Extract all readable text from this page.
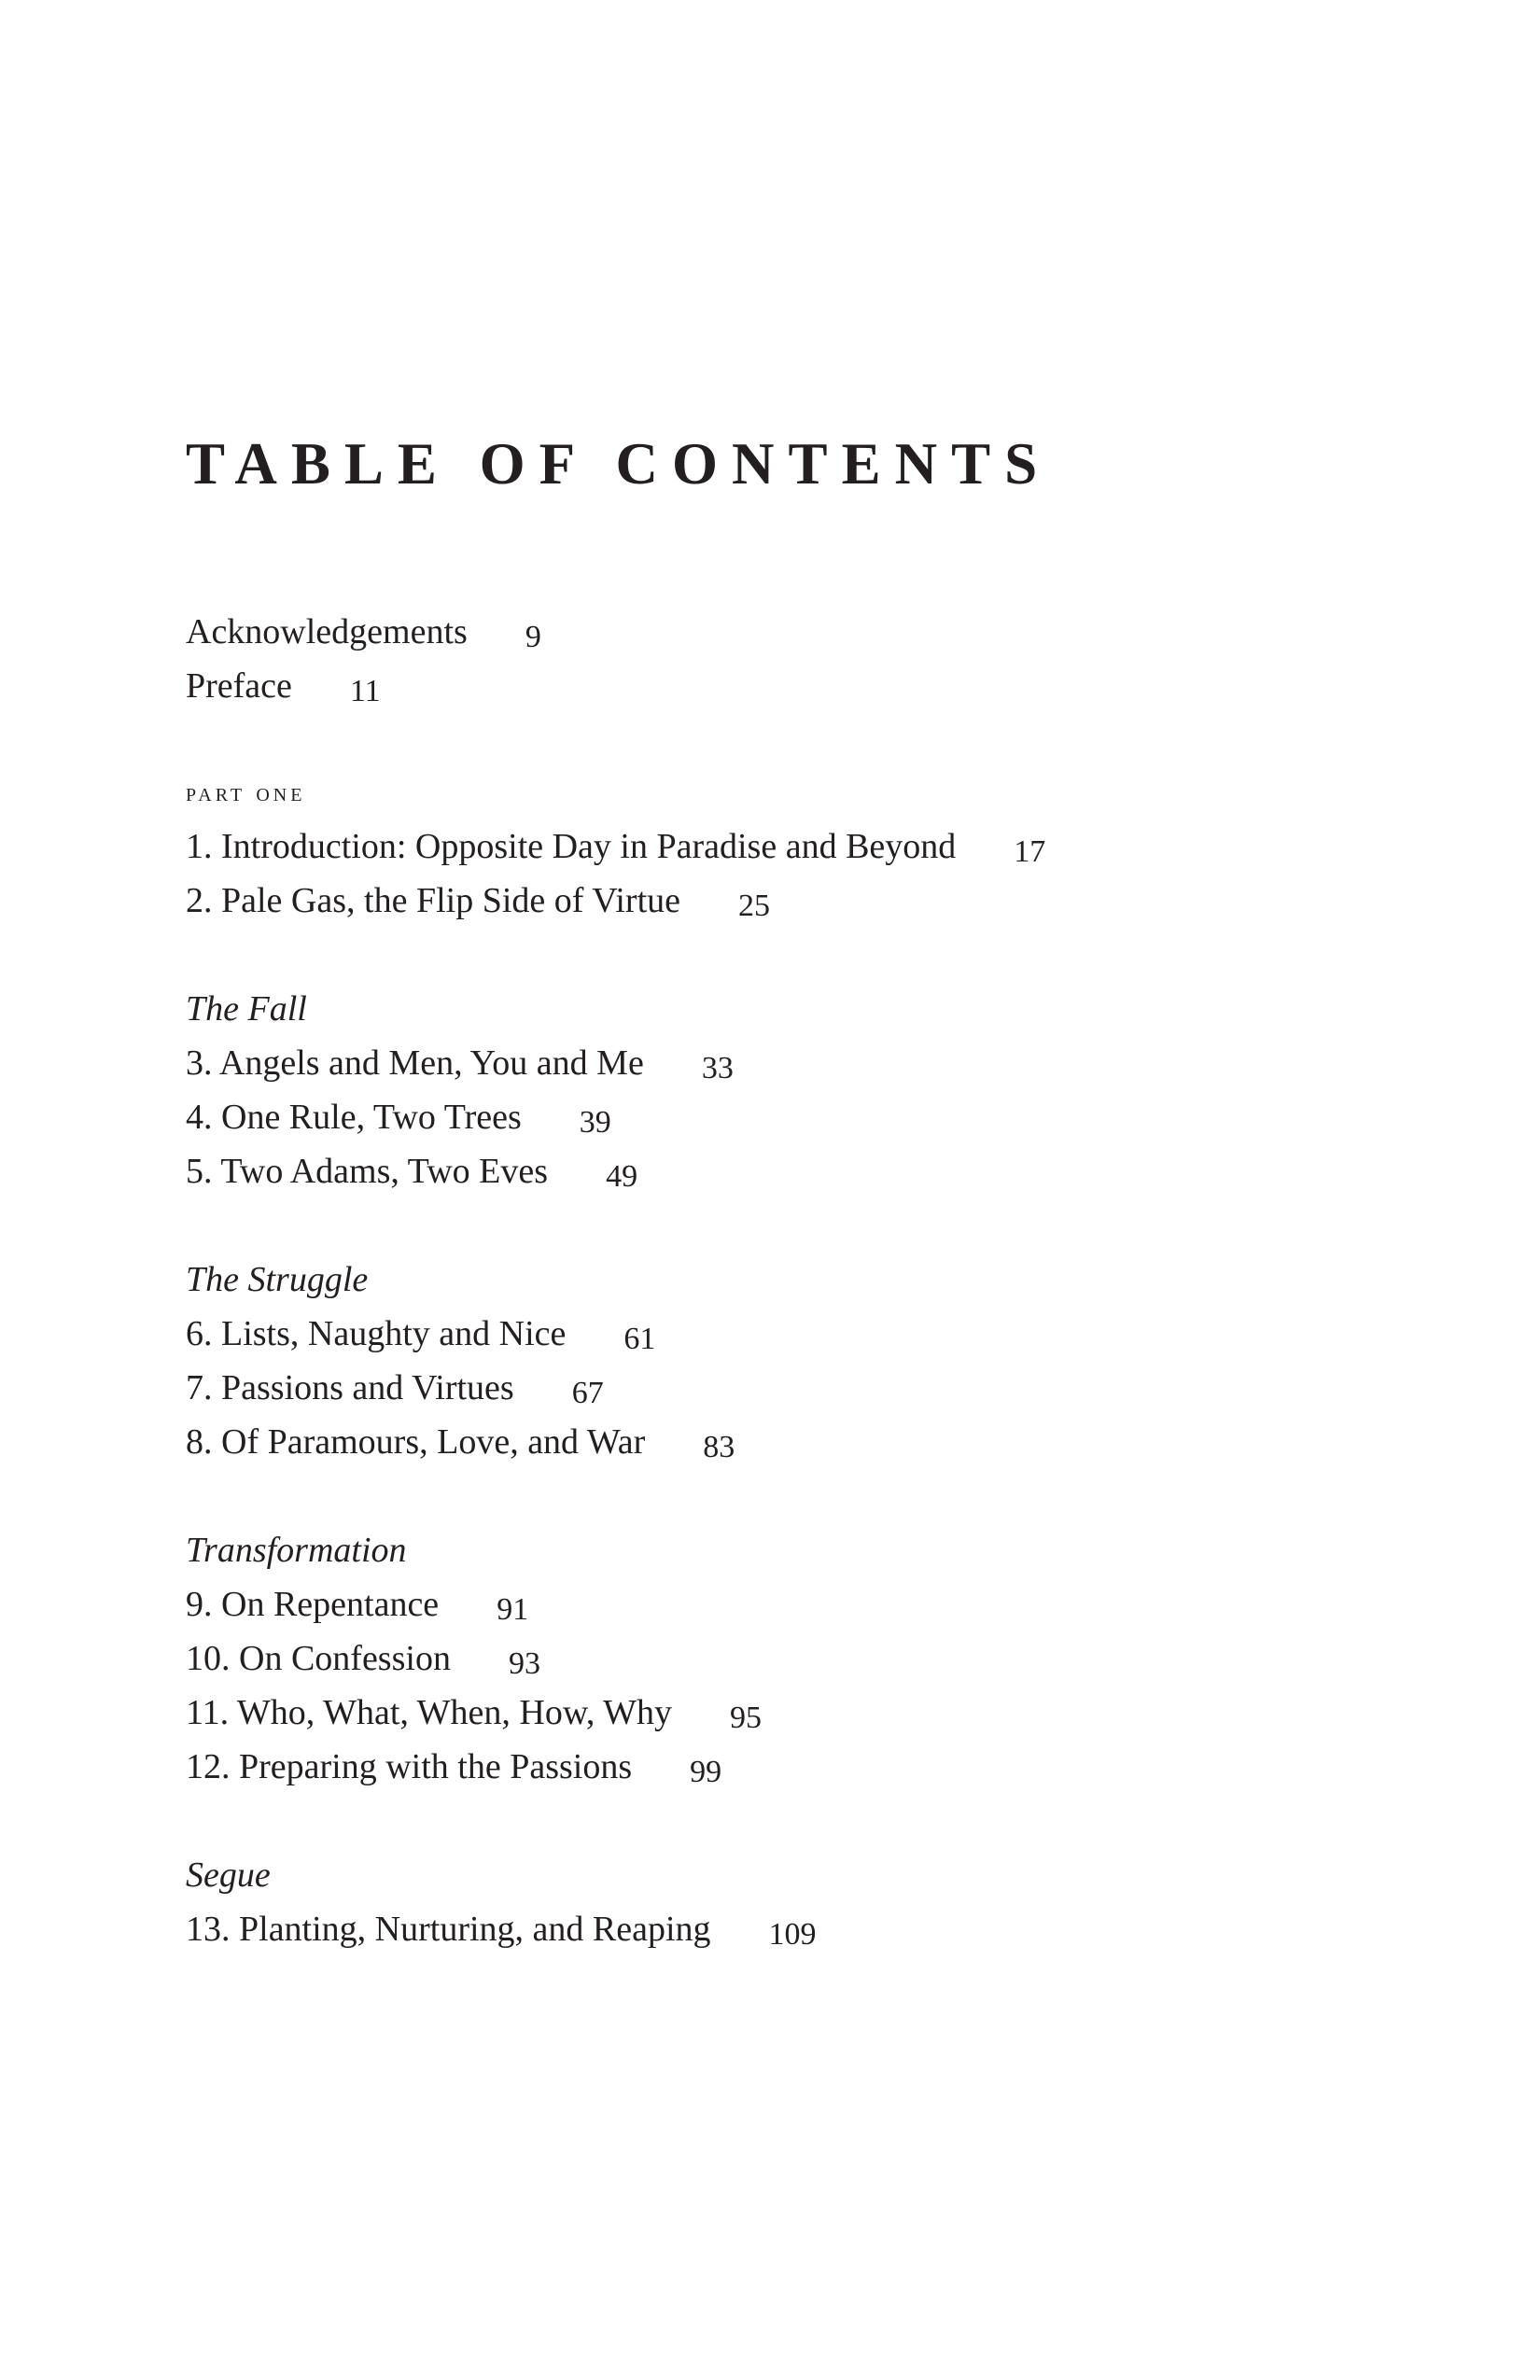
TABLE OF CONTENTS
Acknowledgements 9
Preface 11
part one
1. Introduction: Opposite Day in Paradise and Beyond 17
2. Pale Gas, the Flip Side of Virtue 25
The Fall
3. Angels and Men, You and Me 33
4. One Rule, Two Trees 39
5. Two Adams, Two Eves 49
The Struggle
6. Lists, Naughty and Nice 61
7. Passions and Virtues 67
8. Of Paramours, Love, and War 83
Transformation
9. On Repentance 91
10. On Confession 93
11. Who, What, When, How, Why 95
12. Preparing with the Passions 99
Segue
13. Planting, Nurturing, and Reaping 109
